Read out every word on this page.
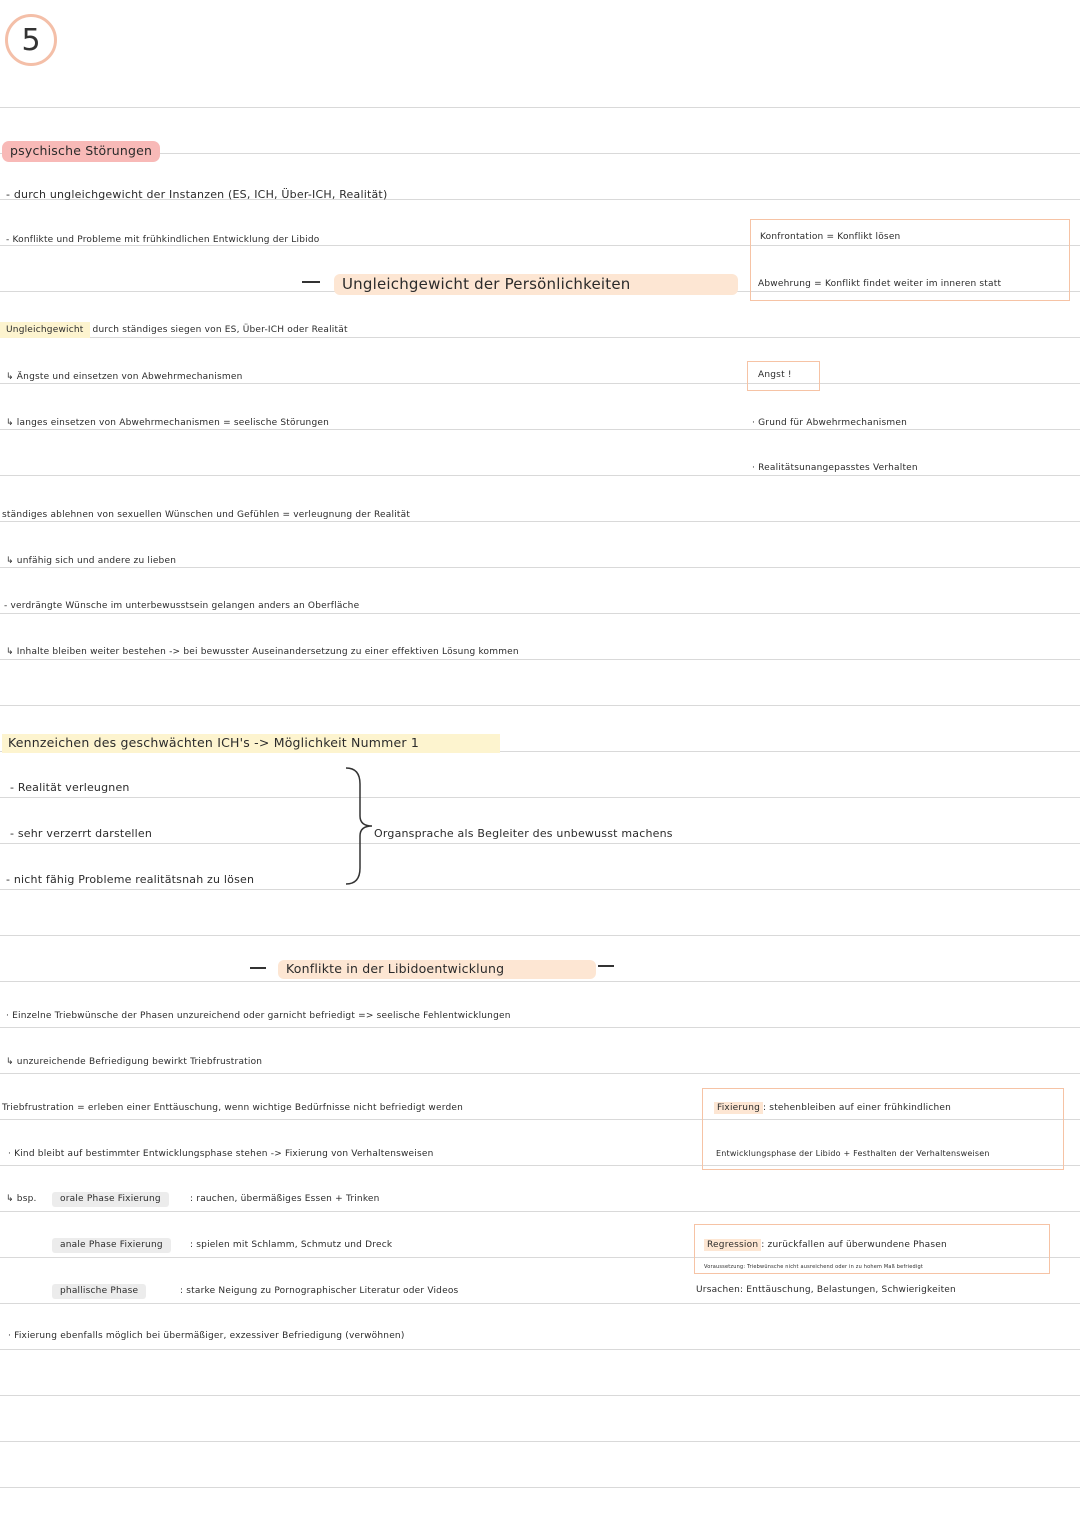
5
psychische Störungen
- durch ungleichgewicht der Instanzen (ES, ICH, Über-ICH, Realität)
- Konflikte und Probleme mit frühkindlichen Entwicklung der Libido
Ungleichgewicht der Persönlichkeiten
Ungleichgewicht durch ständiges siegen von ES, Über-ICH oder Realität
↳ Ängste und einsetzen von Abwehrmechanismen
↳ langes einsetzen von Abwehrmechanismen = seelische Störungen
ständiges ablehnen von sexuellen Wünschen und Gefühlen = verleugnung der Realität
↳ unfähig sich und andere zu lieben
- verdrängte Wünsche im unterbewusstsein gelangen anders an Oberfläche
↳ Inhalte bleiben weiter bestehen -> bei bewusster Auseinandersetzung zu einer effektiven Lösung kommen
Konfrontation = Konflikt lösen
Abwehrung = Konflikt findet weiter im inneren statt
Angst !
· Grund für Abwehrmechanismen
· Realitätsunangepasstes Verhalten
Kennzeichen des geschwächten ICH's -> Möglichkeit Nummer 1
- Realität verleugnen
- sehr verzerrt darstellen
- nicht fähig Probleme realitätsnah zu lösen
Organsprache als Begleiter des unbewusst machens
Konflikte in der Libidoentwicklung
· Einzelne Triebwünsche der Phasen unzureichend oder garnicht befriedigt => seelische Fehlentwicklungen
↳ unzureichende Befriedigung bewirkt Triebfrustration
Triebfrustration = erleben einer Enttäuschung, wenn wichtige Bedürfnisse nicht befriedigt werden
· Kind bleibt auf bestimmter Entwicklungsphase stehen -> Fixierung von Verhaltensweisen
↳ bsp.	orale Phase Fixierung	: rauchen, übermäßiges Essen + Trinken
anale Phase Fixierung	: spielen mit Schlamm, Schmutz und Dreck
phallische Phase	: starke Neigung zu Pornographischer Literatur oder Videos
· Fixierung ebenfalls möglich bei übermäßiger, exzessiver Befriedigung (verwöhnen)
Fixierung : stehenbleiben auf einer frühkindlichen
Entwicklungsphase der Libido + Festhalten der Verhaltensweisen
Regression : zurückfallen auf überwundene Phasen
Voraussetzung: Triebwünsche nicht ausreichend oder in zu hohem Maß befriedigt
Ursachen: Enttäuschung, Belastungen, Schwierigkeiten
